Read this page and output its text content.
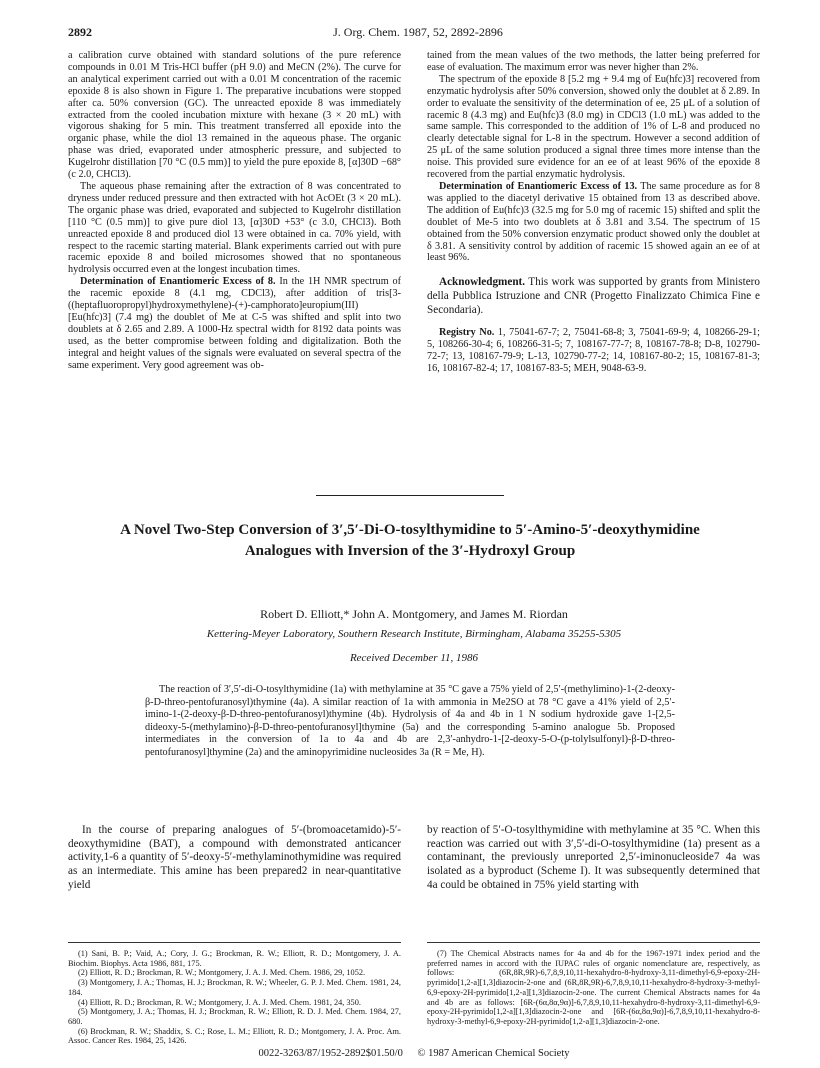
2892	J. Org. Chem. 1987, 52, 2892-2896

a calibration curve obtained with standard solutions of the pure reference compounds in 0.01 M Tris-HCl buffer (pH 9.0) and MeCN (2%). The curve for an analytical experiment carried out with a 0.01 M concentration of the racemic epoxide 8 is also shown in Figure 1. The preparative incubations were stopped after ca. 50% conversion (GC). The unreacted epoxide 8 was immediately extracted from the cooled incubation mixture with hexane (3 × 20 mL) with vigorous shaking for 5 min. This treatment transferred all epoxide into the organic phase, while the diol 13 remained in the aqueous phase. The organic phase was dried, evaporated under atmospheric pressure, and subjected to Kugelrohr distillation [70 °C (0.5 mm)] to yield the pure epoxide 8, [α]30D −68° (c 2.0, CHCl3).

The aqueous phase remaining after the extraction of 8 was concentrated to dryness under reduced pressure and then extracted with hot AcOEt (3 × 20 mL). The organic phase was dried, evaporated and subjected to Kugelrohr distillation [110 °C (0.5 mm)] to give pure diol 13, [α]30D +53° (c 3.0, CHCl3). Both unreacted epoxide 8 and produced diol 13 were obtained in ca. 70% yield, with respect to the racemic starting material. Blank experiments carried out with pure racemic epoxide 8 and boiled microsomes showed that no spontaneous hydrolysis occurred even at the longest incubation times.

Determination of Enantiomeric Excess of 8. In the 1H NMR spectrum of the racemic epoxide 8 (4.1 mg, CDCl3), after addition of tris[3-((heptafluoropropyl)hydroxymethylene)-(+)-camphorato]europium(III) [Eu(hfc)3] (7.4 mg) the doublet of Me at C-5 was shifted and split into two doublets at δ 2.65 and 2.89. A 1000-Hz spectral width for 8192 data points was used, as the better compromise between folding and digitalization. Both the integral and height values of the signals were evaluated on several spectra of the same experiment. Very good agreement was ob-

tained from the mean values of the two methods, the latter being preferred for ease of evaluation. The maximum error was never higher than 2%.

The spectrum of the epoxide 8 [5.2 mg + 9.4 mg of Eu(hfc)3] recovered from enzymatic hydrolysis after 50% conversion, showed only the doublet at δ 2.89. In order to evaluate the sensitivity of the determination of ee, 25 μL of a solution of racemic 8 (4.3 mg) and Eu(hfc)3 (8.0 mg) in CDCl3 (1.0 mL) was added to the same sample. This corresponded to the addition of 1% of L-8 and produced no clearly detectable signal for L-8 in the spectrum. However a second addition of 25 μL of the same solution produced a signal three times more intense than the noise. This provided sure evidence for an ee of at least 96% of the epoxide 8 recovered from the partial enzymatic hydrolysis.

Determination of Enantiomeric Excess of 13. The same procedure as for 8 was applied to the diacetyl derivative 15 obtained from 13 as described above. The addition of Eu(hfc)3 (32.5 mg for 5.0 mg of racemic 15) shifted and split the doublet of Me-5 into two doublets at δ 3.81 and 3.54. The spectrum of 15 obtained from the 50% conversion enzymatic product showed only the doublet at δ 3.81. A sensitivity control by addition of racemic 15 showed again an ee of at least 96%.

Acknowledgment. This work was supported by grants from Ministero della Pubblica Istruzione and CNR (Progetto Finalizzato Chimica Fine e Secondaria).

Registry No. 1, 75041-67-7; 2, 75041-68-8; 3, 75041-69-9; 4, 108266-29-1; 5, 108266-30-4; 6, 108266-31-5; 7, 108167-77-7; 8, 108167-78-8; D-8, 102790-72-7; 13, 108167-79-9; L-13, 102790-77-2; 14, 108167-80-2; 15, 108167-81-3; 16, 108167-82-4; 17, 108167-83-5; MEH, 9048-63-9.

A Novel Two-Step Conversion of 3′,5′-Di-O-tosylthymidine to 5′-Amino-5′-deoxythymidine Analogues with Inversion of the 3′-Hydroxyl Group
Robert D. Elliott,* John A. Montgomery, and James M. Riordan
Kettering-Meyer Laboratory, Southern Research Institute, Birmingham, Alabama 35255-5305
Received December 11, 1986
The reaction of 3′,5′-di-O-tosylthymidine (1a) with methylamine at 35 °C gave a 75% yield of 2,5′-(methylimino)-1-(2-deoxy-β-D-threo-pentofuranosyl)thymine (4a). A similar reaction of 1a with ammonia in Me2SO at 78 °C gave a 41% yield of 2,5′-imino-1-(2-deoxy-β-D-threo-pentofuranosyl)thymine (4b). Hydrolysis of 4a and 4b in 1 N sodium hydroxide gave 1-[2,5-dideoxy-5-(methylamino)-β-D-threo-pentofuranosyl]thymine (5a) and the corresponding 5-amino analogue 5b. Proposed intermediates in the conversion of 1a to 4a and 4b are 2,3′-anhydro-1-[2-deoxy-5-O-(p-tolylsulfonyl)-β-D-threo-pentofuranosyl]thymine (2a) and the aminopyrimidine nucleosides 3a (R = Me, H).

In the course of preparing analogues of 5′-(bromoacetamido)-5′-deoxythymidine (BAT), a compound with demonstrated anticancer activity,1-6 a quantity of 5′-deoxy-5′-methylaminothymidine was required as an intermediate. This amine has been prepared2 in near-quantitative yield

by reaction of 5′-O-tosylthymidine with methylamine at 35 °C. When this reaction was carried out with 3′,5′-di-O-tosylthymidine (1a) present as a contaminant, the previously unreported 2,5′-iminonucleoside7 4a was isolated as a byproduct (Scheme I). It was subsequently determined that 4a could be obtained in 75% yield starting with

(1) Sani, B. P.; Vaid, A.; Cory, J. G.; Brockman, R. W.; Elliott, R. D.; Montgomery, J. A. Biochim. Biophys. Acta 1986, 881, 175.

(2) Elliott, R. D.; Brockman, R. W.; Montgomery, J. A. J. Med. Chem. 1986, 29, 1052.

(3) Montgomery, J. A.; Thomas, H. J.; Brockman, R. W.; Wheeler, G. P. J. Med. Chem. 1981, 24, 184.

(4) Elliott, R. D.; Brockman, R. W.; Montgomery, J. A. J. Med. Chem. 1981, 24, 350.

(5) Montgomery, J. A.; Thomas, H. J.; Brockman, R. W.; Elliott, R. D. J. Med. Chem. 1984, 27, 680.

(6) Brockman, R. W.; Shaddix, S. C.; Rose, L. M.; Elliott, R. D.; Montgomery, J. A. Proc. Am. Assoc. Cancer Res. 1984, 25, 1426.

(7) The Chemical Abstracts names for 4a and 4b for the 1967-1971 index period and the preferred names in accord with the IUPAC rules of organic nomenclature are, respectively, as follows: (6R,8R,9R)-6,7,8,9,10,11-hexahydro-8-hydroxy-3,11-dimethyl-6,9-epoxy-2H-pyrimido[1,2-a][1,3]diazocin-2-one and (6R,8R,9R)-6,7,8,9,10,11-hexahydro-8-hydroxy-3-methyl-6,9-epoxy-2H-pyrimido[1,2-a][1,3]diazocin-2-one. The current Chemical Abstracts names for 4a and 4b are as follows: [6R-(6α,8α,9α)]-6,7,8,9,10,11-hexahydro-8-hydroxy-3,11-dimethyl-6,9-epoxy-2H-pyrimido[1,2-a][1,3]diazocin-2-one and [6R-(6α,8α,9α)]-6,7,8,9,10,11-hexahydro-8-hydroxy-3-methyl-6,9-epoxy-2H-pyrimido[1,2-a][1,3]diazocin-2-one.

0022-3263/87/1952-2892$01.50/0 © 1987 American Chemical Society
